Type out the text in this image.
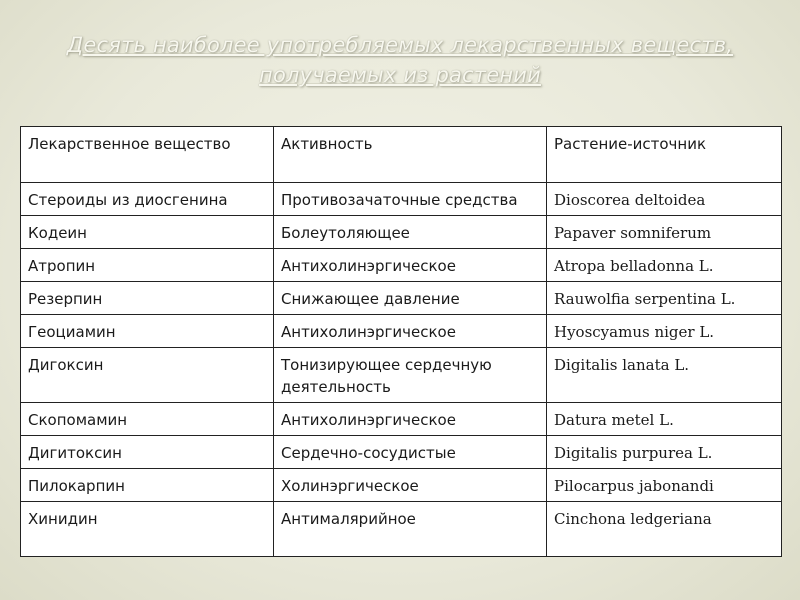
Десять наиболее употребляемых лекарственных веществ,
получаемых из растений
Лекарственное вещество	Активность	Растение-источник
Стероиды из диосгенина	Противозачаточные средства	Dioscorea deltoidea
Кодеин	Болеутоляющее	Papaver somniferum
Атропин	Антихолинэргическое	Atropa belladonna L.
Резерпин	Снижающее давление	Rauwolfia serpentina L.
Геоциамин	Антихолинэргическое	Hyoscyamus niger L.
Дигоксин	Тонизирующее сердечную деятельность	Digitalis lanata L.
Скопомамин	Антихолинэргическое	Datura metel L.
Дигитоксин	Сердечно-сосудистые	Digitalis purpurea L.
Пилокарпин	Холинэргическое	Pilocarpus jabonandi
Хинидин	Антималярийное	Cinchona ledgeriana
